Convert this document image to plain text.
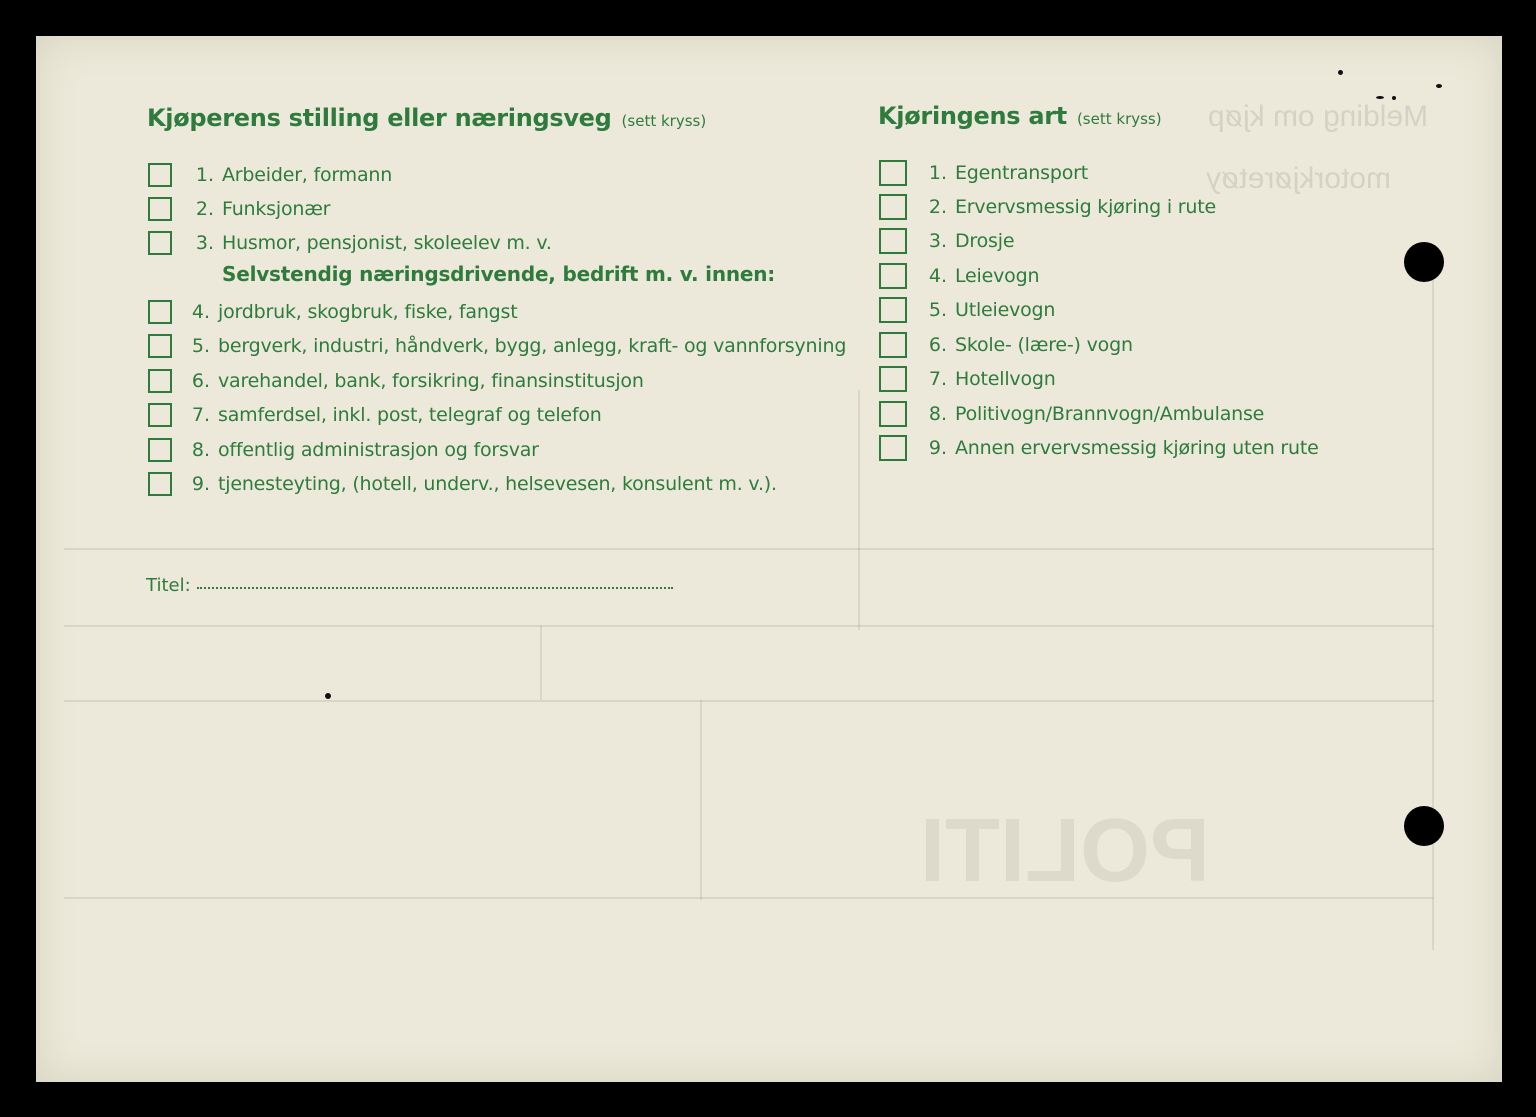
Melding om kjøp
motorkjøretøy
POLITI
Kjøperens stilling eller næringsveg (sett kryss)
1. Arbeider, formann
2. Funksjonær
3. Husmor, pensjonist, skoleelev m. v.
Selvstendig næringsdrivende, bedrift m. v. innen:
4. jordbruk, skogbruk, fiske, fangst
5. bergverk, industri, håndverk, bygg, anlegg, kraft- og vannforsyning
6. varehandel, bank, forsikring, finansinstitusjon
7. samferdsel, inkl. post, telegraf og telefon
8. offentlig administrasjon og forsvar
9. tjenesteyting, (hotell, underv., helsevesen, konsulent m. v.).
Titel:
Kjøringens art (sett kryss)
1. Egentransport
2. Ervervsmessig kjøring i rute
3. Drosje
4. Leievogn
5. Utleievogn
6. Skole- (lære-) vogn
7. Hotellvogn
8. Politivogn/Brannvogn/Ambulanse
9. Annen ervervsmessig kjøring uten rute
